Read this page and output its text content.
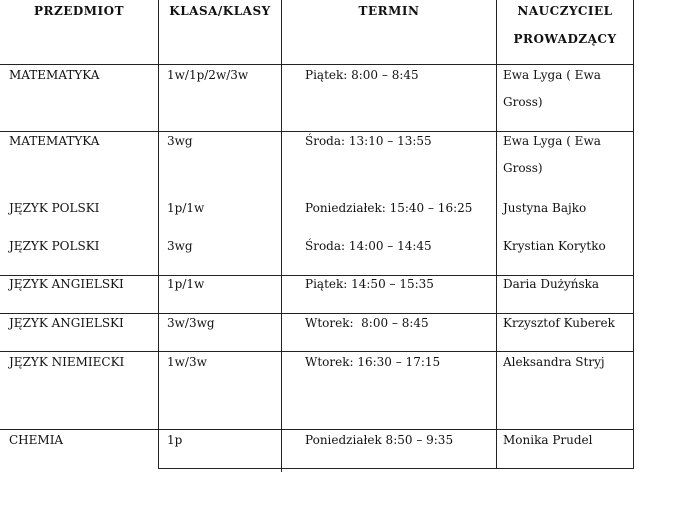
PRZEDMIOT	KLASA/KLASY	TERMIN	NAUCZYCIEL PROWADZĄCY
MATEMATYKA	1w/1p/2w/3w	Piątek: 8:00 – 8:45	Ewa Lyga ( Ewa Gross)
MATEMATYKA	3wg	Środa: 13:10 – 13:55	Ewa Lyga ( Ewa Gross)
JĘZYK POLSKI	1p/1w	Poniedziałek: 15:40 – 16:25	Justyna Bajko
JĘZYK POLSKI	3wg	Środa: 14:00 – 14:45	Krystian Korytko
JĘZYK ANGIELSKI	1p/1w	Piątek: 14:50 – 15:35	Daria Dużyńska
JĘZYK ANGIELSKI	3w/3wg	Wtorek:  8:00 – 8:45	Krzysztof Kuberek
JĘZYK NIEMIECKI	1w/3w	Wtorek: 16:30 – 17:15	Aleksandra Stryj
CHEMIA	1p	Poniedziałek 8:50 – 9:35	Monika Prudel
